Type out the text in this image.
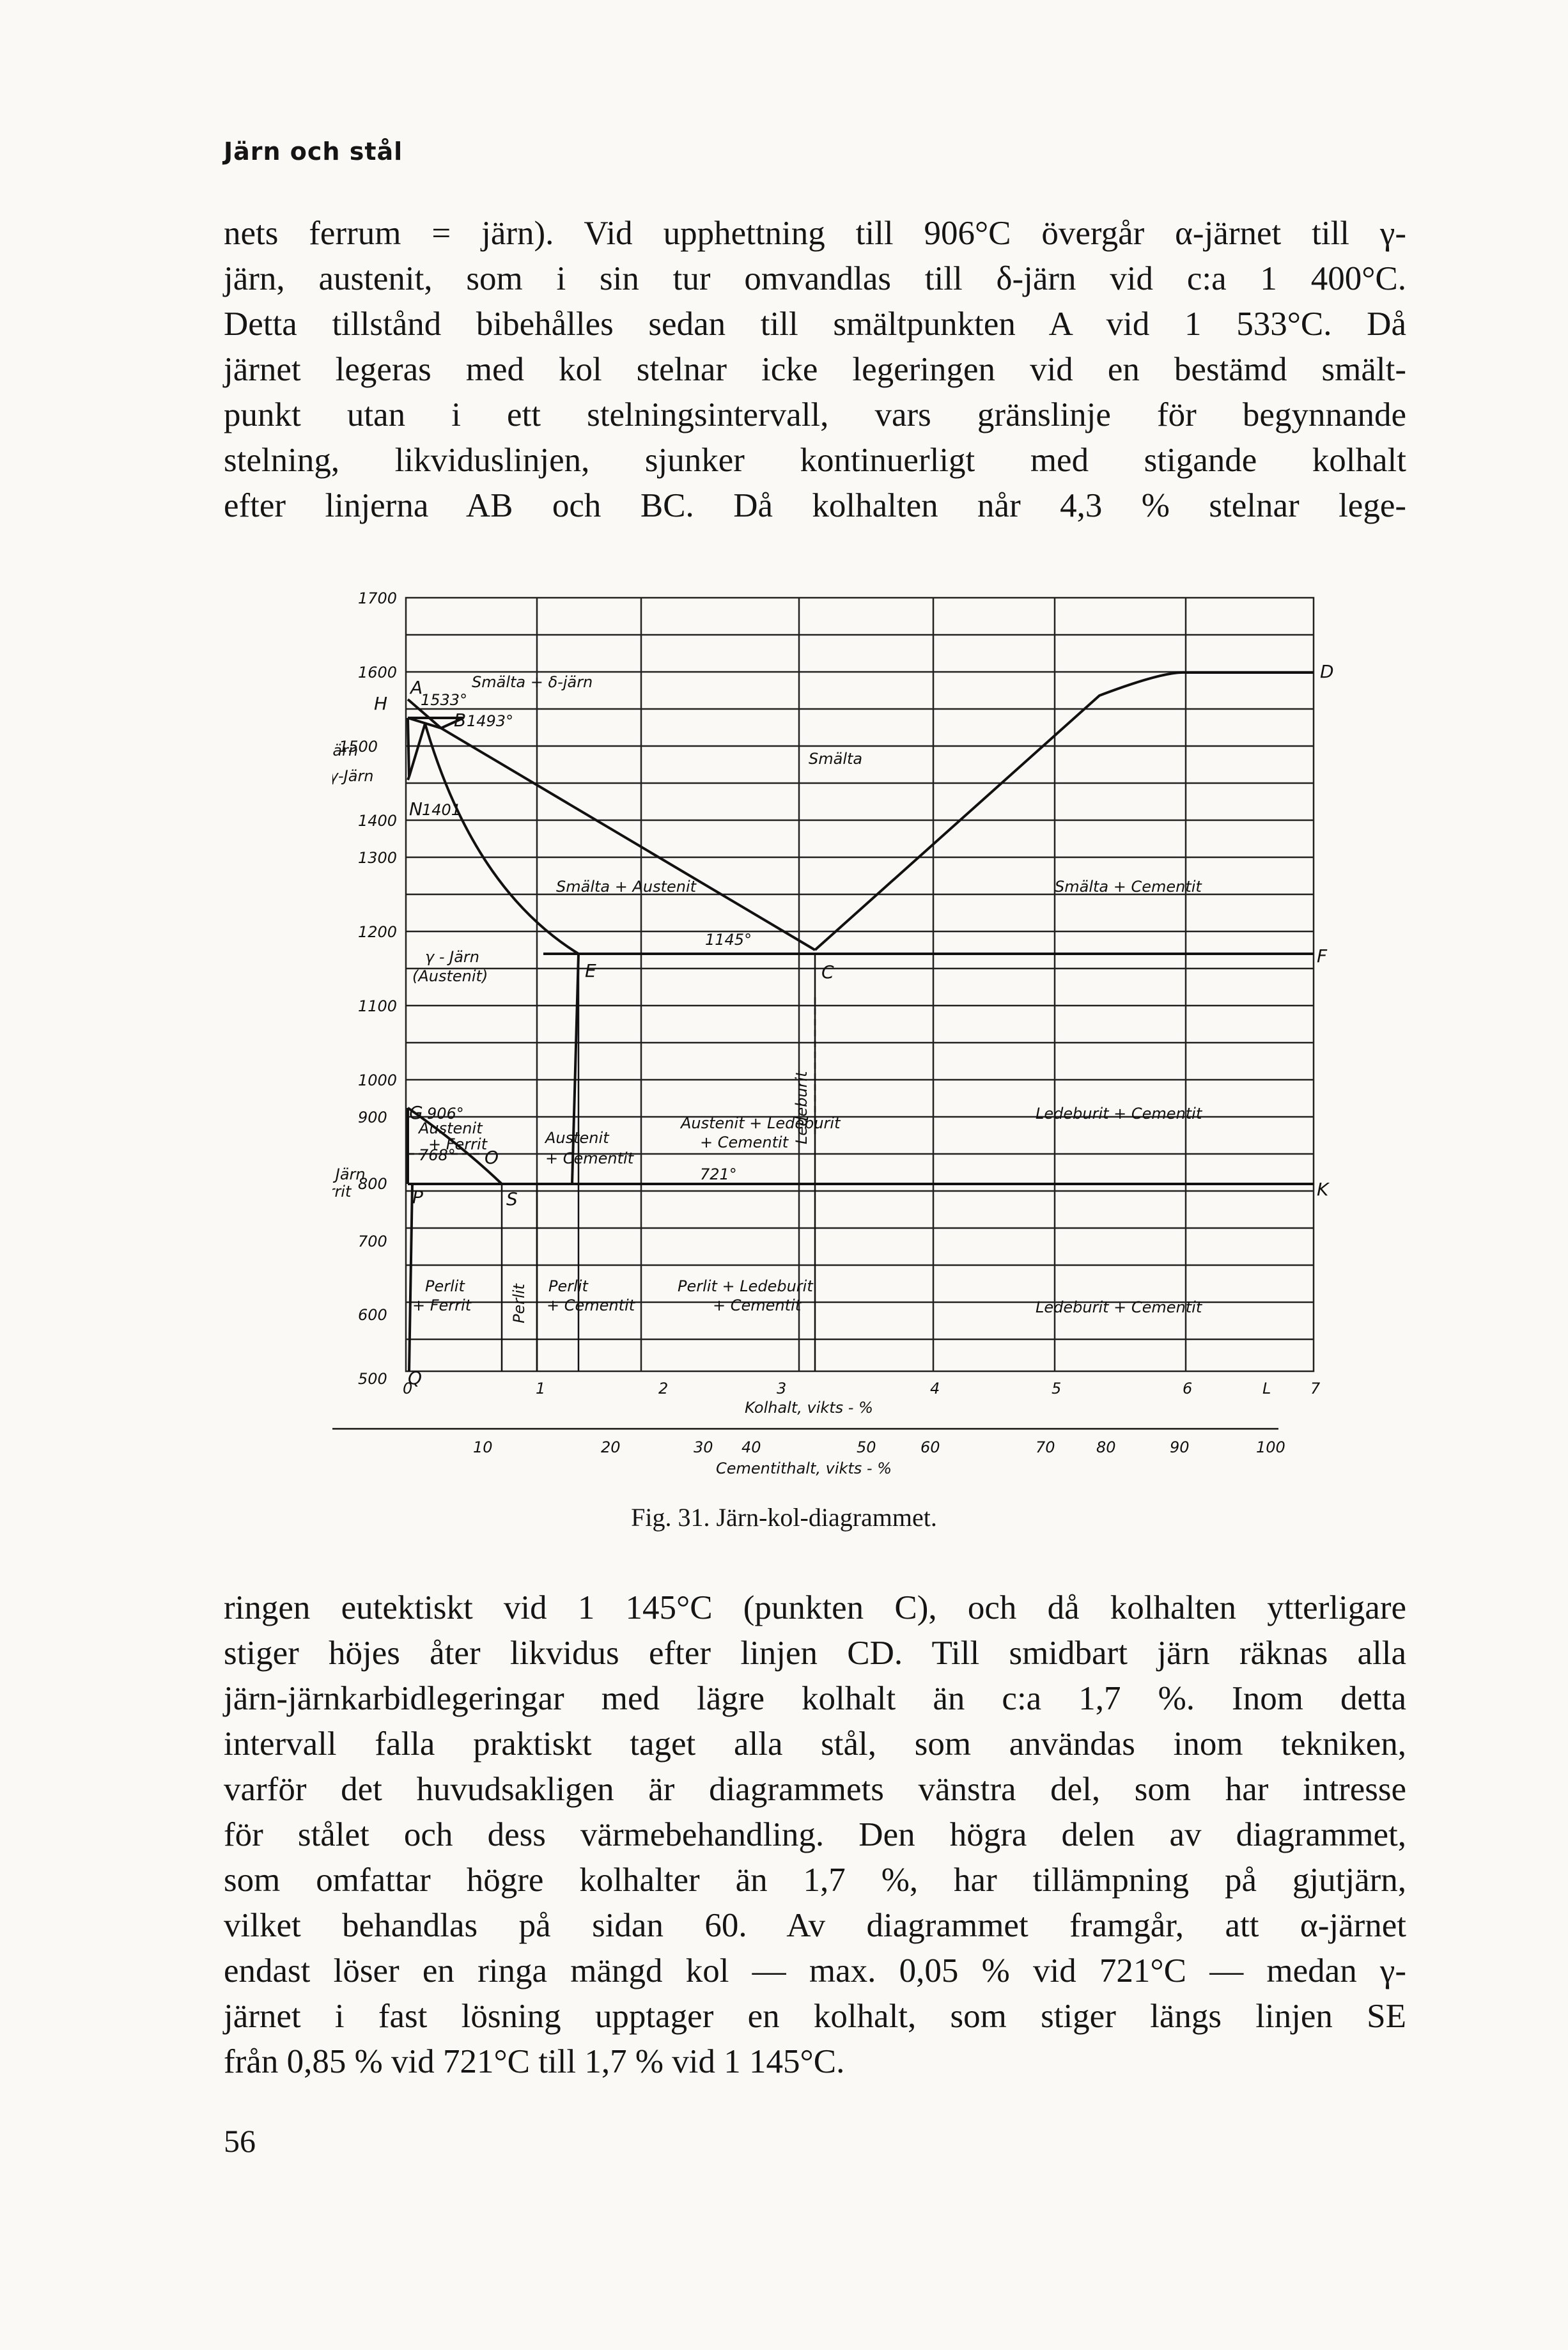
Järn och stål
nets ferrum = järn). Vid upphettning till 906°C övergår α-järnet till γ-
järn, austenit, som i sin tur omvandlas till δ-järn vid c:a 1 400°C.
Detta tillstånd bibehålles sedan till smältpunkten A vid 1 533°C. Då
järnet legeras med kol stelnar icke legeringen vid en bestämd smält-
punkt utan i ett stelningsintervall, vars gränslinje för begynnande
stelning, likviduslinjen, sjunker kontinuerligt med stigande kolhalt
efter linjerna AB och BC. Då kolhalten når 4,3 % stelnar lege-
1700
1600
1500
1400
1300
1200
1100
1000
900
800
700
600
500
0	1	2	3	4	5	6	L	7
Kolhalt, vikts - %
10	20	30 40	50	60	70	80	90	100
Cementithalt, vikts - %
A
1533°
H
B 1493°
N 1401
D
E
1145°
C
F
G 906°
768° O
P	S
721°
K
Q
Smälta + δ-järn
Smälta
Smälta + Austenit	Smälta + Cementit
ärn
-Järn
γ - Järn
(Austenit)
Austenit
+ Ferrit	Austenit
+ Cementit
Austenit + Ledeburit
+ Cementit Ledeburit	Ledeburit + Cementit
Ledeburit + Cementit
Järn
rit
Perlit
+ Ferrit	Perlit Perlit
+ Cementit
Perlit + Ledeburit
+ Cementit
Fig. 31. Järn-kol-diagrammet.
ringen eutektiskt vid 1 145°C (punkten C), och då kolhalten ytterligare
stiger höjes åter likvidus efter linjen CD. Till smidbart järn räknas alla
järn-järnkarbidlegeringar med lägre kolhalt än c:a 1,7 %. Inom detta
intervall falla praktiskt taget alla stål, som användas inom tekniken,
varför det huvudsakligen är diagrammets vänstra del, som har intresse
för stålet och dess värmebehandling. Den högra delen av diagrammet,
som omfattar högre kolhalter än 1,7 %, har tillämpning på gjutjärn,
vilket behandlas på sidan 60. Av diagrammet framgår, att α-järnet
endast löser en ringa mängd kol — max. 0,05 % vid 721°C — medan γ-
järnet i fast lösning upptager en kolhalt, som stiger längs linjen SE
från 0,85 % vid 721°C till 1,7 % vid 1 145°C.
56
